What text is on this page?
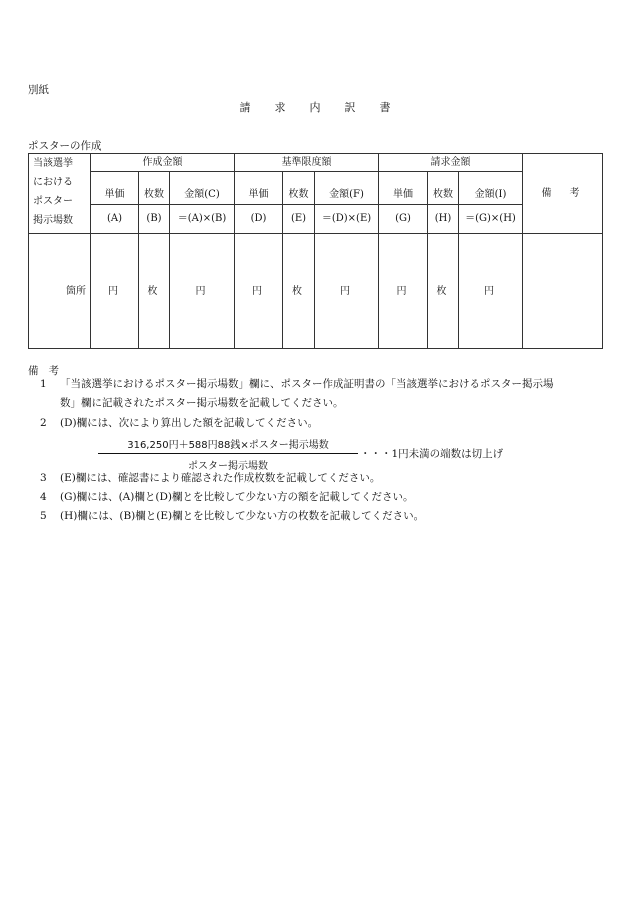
別紙
請求内訳書
ポスターの作成
当該選挙
における
ポスター
掲示場数	作成金額			基準限度額			請求金額			備　考
	単価	枚数	金額(C)	単価	枚数	金額(F)	単価	枚数	金額(I)	
	(A)	(B)	＝(A)×(B)	(D)	(E)	＝(D)×(E)	(G)	(H)	＝(G)×(H)	
箇所	円	枚	円	円	枚	円	円	枚	円	
備考
1 「当該選挙におけるポスター掲示場数」欄に、ポスター作成証明書の「当該選挙におけるポスター掲示場
数」欄に記載されたポスター掲示場数を記載してください。
2 (D)欄には、次により算出した額を記載してください。
316,250円＋588円88銭×ポスター掲示場数
ポスター掲示場数
・・・1円未満の端数は切上げ
3 (E)欄には、確認書により確認された作成枚数を記載してください。
4 (G)欄には、(A)欄と(D)欄とを比較して少ない方の額を記載してください。
5 (H)欄には、(B)欄と(E)欄とを比較して少ない方の枚数を記載してください。
